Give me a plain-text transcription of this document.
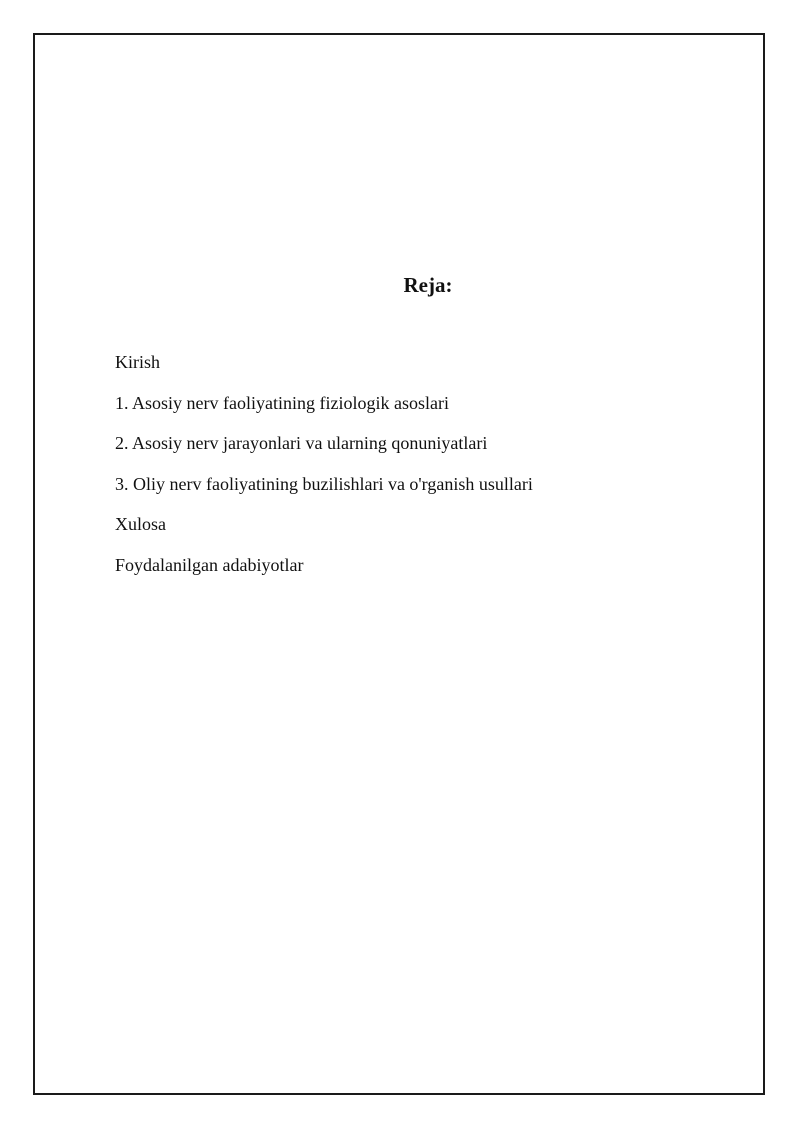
Reja:
Kirish
1. Asosiy nerv faoliyatining fiziologik asoslari
2. Asosiy nerv jarayonlari va ularning qonuniyatlari
3. Oliy nerv faoliyatining buzilishlari va o'rganish usullari
Xulosa
Foydalanilgan adabiyotlar
